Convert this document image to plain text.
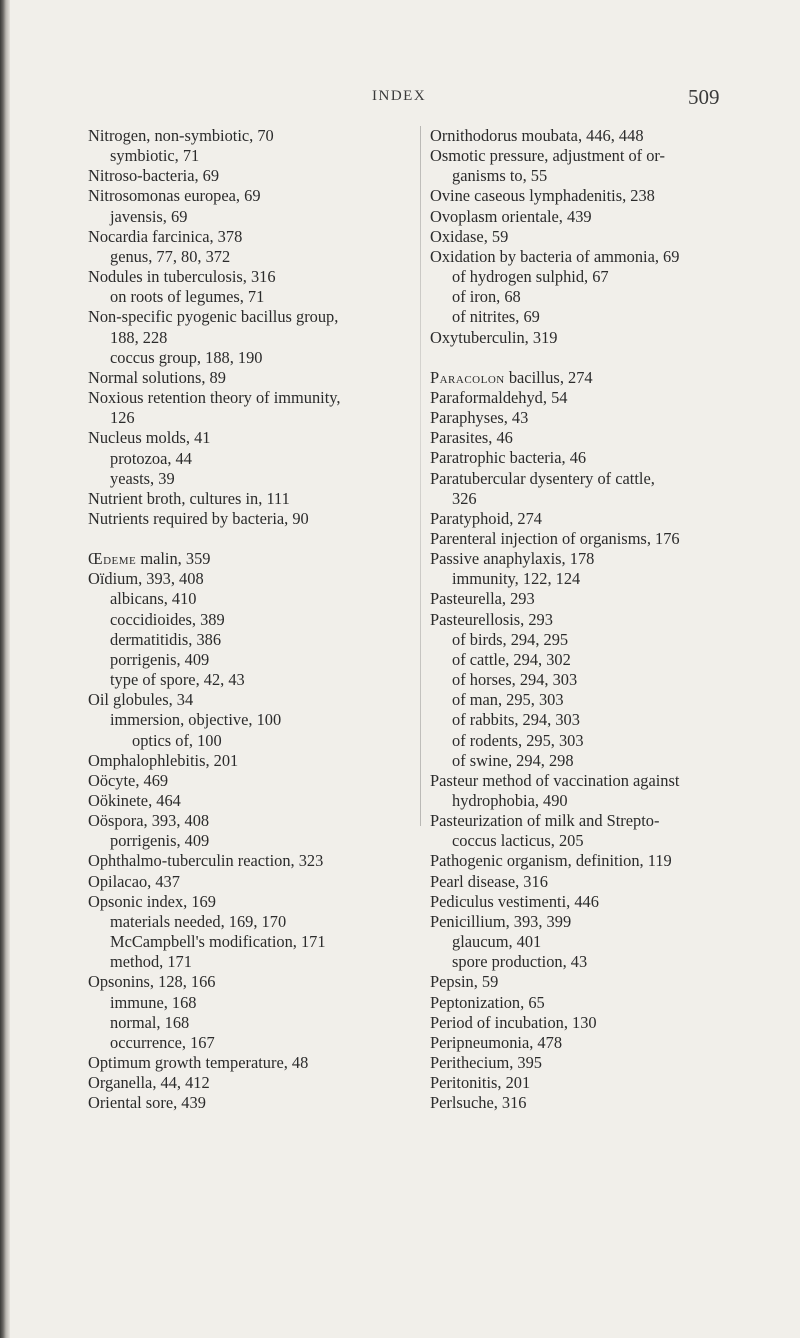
INDEX	509
Nitrogen, non-symbiotic, 70
symbiotic, 71
Nitroso-bacteria, 69
Nitrosomonas europea, 69
javensis, 69
Nocardia farcinica, 378
genus, 77, 80, 372
Nodules in tuberculosis, 316
on roots of legumes, 71
Non-specific pyogenic bacillus group,
188, 228
coccus group, 188, 190
Normal solutions, 89
Noxious retention theory of immunity,
126
Nucleus molds, 41
protozoa, 44
yeasts, 39
Nutrient broth, cultures in, 111
Nutrients required by bacteria, 90
Œdeme malin, 359
Oïdium, 393, 408
albicans, 410
coccidioides, 389
dermatitidis, 386
porrigenis, 409
type of spore, 42, 43
Oil globules, 34
immersion, objective, 100
optics of, 100
Omphalophlebitis, 201
Oöcyte, 469
Oökinete, 464
Oöspora, 393, 408
porrigenis, 409
Ophthalmo-tuberculin reaction, 323
Opilacao, 437
Opsonic index, 169
materials needed, 169, 170
McCampbell's modification, 171
method, 171
Opsonins, 128, 166
immune, 168
normal, 168
occurrence, 167
Optimum growth temperature, 48
Organella, 44, 412
Oriental sore, 439
Ornithodorus moubata, 446, 448
Osmotic pressure, adjustment of or-
ganisms to, 55
Ovine caseous lymphadenitis, 238
Ovoplasm orientale, 439
Oxidase, 59
Oxidation by bacteria of ammonia, 69
of hydrogen sulphid, 67
of iron, 68
of nitrites, 69
Oxytuberculin, 319
Paracolon bacillus, 274
Paraformaldehyd, 54
Paraphyses, 43
Parasites, 46
Paratrophic bacteria, 46
Paratubercular dysentery of cattle,
326
Paratyphoid, 274
Parenteral injection of organisms, 176
Passive anaphylaxis, 178
immunity, 122, 124
Pasteurella, 293
Pasteurellosis, 293
of birds, 294, 295
of cattle, 294, 302
of horses, 294, 303
of man, 295, 303
of rabbits, 294, 303
of rodents, 295, 303
of swine, 294, 298
Pasteur method of vaccination against
hydrophobia, 490
Pasteurization of milk and Strepto-
coccus lacticus, 205
Pathogenic organism, definition, 119
Pearl disease, 316
Pediculus vestimenti, 446
Penicillium, 393, 399
glaucum, 401
spore production, 43
Pepsin, 59
Peptonization, 65
Period of incubation, 130
Peripneumonia, 478
Perithecium, 395
Peritonitis, 201
Perlsuche, 316
